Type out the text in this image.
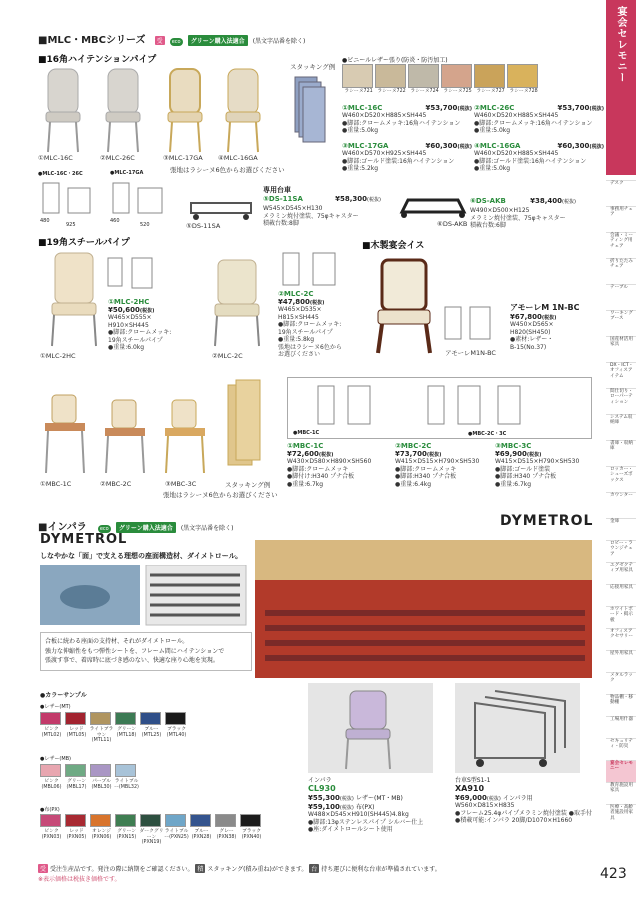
■MLC・MBCシリーズ 受 eco グリーン購入法適合 (黒文字品番を除く)
■16角ハイテンションパイプ
①MLC-16C	②MLC-26C	③MLC-17GA ④MLC-16GA
スタッキング例
●MLC-16C・26C	●MLC-17GA
480
925
460
520
張地はラシーヌ6色からお選びください
専用台車
⑤DS-11SA	¥58,300(税抜)
W545×D545×H130
メラミン焼付塗装、75φキャスター
積載台数:8脚
⑤DS-11SA	⑥DS-AKB
⑥DS-AKB	¥38,400(税抜)
W490×D500×H125
メラミン焼付塗装、75φキャスター
積載台数:6脚
●ビニールレザー張り(防炎・防汚加工)
ラシーヌ721 ラシーヌ722 ラシーヌ724 ラシーヌ725 ラシーヌ727 ラシーヌ728
①MLC-16C	¥53,700(税抜)
W460×D520×H885×SH445
●脚部:クロームメッキ:16角ハイテンション
●重量:5.0kg
②MLC-26C	¥53,700(税抜)
W460×D520×H885×SH445
●脚部:クロームメッキ:16角ハイテンション
●重量:5.0kg
③MLC-17GA	¥60,300(税抜)
W460×D570×H925×SH445
●脚部:ゴールド塗装:16角ハイテンション
●重量:5.2kg
④MLC-16GA	¥60,300(税抜)
W460×D520×H885×SH445
●脚部:ゴールド塗装:16角ハイテンション
●重量:5.0kg
■19角スチールパイプ
①MLC-2HC	②MLC-2C
①MLC-2HC
¥50,600(税抜)
W465×D555×
H910×SH445
●脚部:クロームメッキ:
19角スチールパイプ
●重量:6.0kg
②MLC-2C
¥47,800(税抜)
W465×D535×
H815×SH445
●脚部:クロームメッキ:
19角スチールパイプ
●重量:5.8kg
張地はラシーヌ6色から
お選びください
■木製宴会イス
アモーレM1N-BC
アモーレM 1N-BC
¥67,800(税抜)
W450×D565×
H820(SH450)
●素材:レザー・
B-15(No.37)
①MBC-1C	②MBC-2C	③MBC-3C	スタッキング例
張地はラシーヌ6色からお選びください
●MBC-1C	●MBC-2C・3C
①MBC-1C
¥72,600(税抜)
W430×D580×H890×SH560
●脚部:クロームメッキ
●脚付け:H340 プナ合板
●重量:6.7kg
②MBC-2C
¥73,700(税抜)
W415×D515×H790×SH530
●脚部:クロームメッキ
●脚部:H340 プナ合板
●重量:6.4kg
③MBC-3C
¥69,900(税抜)
W415×D515×H790×SH530
●脚部:ゴールド塗装
●脚部:H340 プナ合板
●重量:6.7kg
■インパラ	eco グリーン購入法適合 (黒文字品番を除く)	DYMETROL
DYMETROL
しなやかな「面」で支える理想の座面構造材、ダイメトロール。
合板に続わる座面の支持材、それがダイメトロール。
強力な伸縮性をもつ弾性シートを、フレーム間にハイテンションで
張渡す事で、着席時に底づき感のない、快適な座り心地を実現。
●カラーサンプル
●レザー(MT)
ピンク(MTL02)
レッド(MTL05)
ライトブラウン(MTL11)
グリーン(MTL18)
ブルー(MTL25)
ブラック(MTL40)
●レザー(MB)
ピンク(MBL06)
グリーン(MBL17)
パープル(MBL30)
ライトブルー(MBL32)
●布(PX)
ピンク(PXN03)
レッド(PXN05)
オレンジ(PXN06)
グリーン(PXN15)
ダークグリーン(PXN19)
ライトブルー(PXN25)
ブルー(PXN28)
グレー(PXN38)
ブラック(PXN40)
インパラ
CL930
¥55,300(税抜) レザー(MT・MB)
¥59,100(税抜) 布(PX)
W488×D545×H910(SH445)4.8kg
●脚部:13φステンレスパイプ シルバー仕上
●座:ダイメトロールシート使用
台車S型S1-1
XA910
¥69,000(税抜) インパラ用
W560×D815×H835
●フレーム25.4φパイプメラミン焼付塗装 ●取手付
●積載可能:インパラ 20脚/D1070×H1660
受 受注生産品です。発注の際に納期をご確認ください。 積 スタッキング(積み重ね)ができます。 台 持ち運びに便利な台車が準備されています。
※表示価格は税抜き価格です。	423
宴会セレモニー
デスク
事務用チェア
会議・ミーティング用チェア
折りたたみチェア
テーブル
ワーキングブース
国産材活用家具
DX・ICT・オフィスアイテム
間仕切り・ローパーティション
システム収納庫
書庫・収納庫
ロッカー・シューズボックス
カウンター
金庫
ロビー・ラウンジチェア
エグゼクティブ用家具
応接用家具
ホワイトボード・掲示板
オフィスアクセサリー
屋外用家具
メタルラック
物品棚・移動棚
工場用什器
セキュリティ・防災
宴会セレモニー
教育施設用家具
医療・高齢者施設用家具
